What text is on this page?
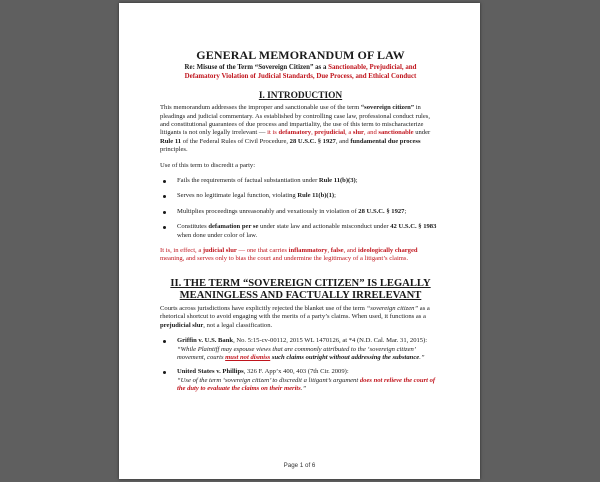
GENERAL MEMORANDUM OF LAW
Re: Misuse of the Term “Sovereign Citizen” as a Sanctionable, Prejudicial, and
Defamatory Violation of Judicial Standards, Due Process, and Ethical Conduct
I. INTRODUCTION

This memorandum addresses the improper and sanctionable use of the term “sovereign citizen” in pleadings and judicial commentary. As established by controlling case law, professional conduct rules, and constitutional guarantees of due process and impartiality, the use of this term to mischaracterize litigants is not only legally irrelevant — it is defamatory, prejudicial, a slur, and sanctionable under Rule 11 of the Federal Rules of Civil Procedure, 28 U.S.C. § 1927, and fundamental due process principles.

Use of this term to discredit a party:

Fails the requirements of factual substantiation under Rule 11(b)(3);
Serves no legitimate legal function, violating Rule 11(b)(1);
Multiplies proceedings unreasonably and vexatiously in violation of 28 U.S.C. § 1927;
Constitutes defamation per se under state law and actionable misconduct under 42 U.S.C. § 1983 when done under color of law.

It is, in effect, a judicial slur — one that carries inflammatory, false, and ideologically charged meaning, and serves only to bias the court and undermine the legitimacy of a litigant’s claims.

II. THE TERM “SOVEREIGN CITIZEN” IS LEGALLY
MEANINGLESS AND FACTUALLY IRRELEVANT

Courts across jurisdictions have explicitly rejected the blanket use of the term “sovereign citizen” as a rhetorical shortcut to avoid engaging with the merits of a party’s claims. When used, it functions as a prejudicial slur, not a legal classification.

Griffin v. U.S. Bank, No. 5:15-cv-00112, 2015 WL 1470126, at *4 (N.D. Cal. Mar. 31, 2015):
“While Plaintiff may espouse views that are commonly attributed to the ‘sovereign citizen’ movement, courts must not dismiss such claims outright without addressing the substance.”
United States v. Phillips, 326 F. App’x 400, 403 (7th Cir. 2009):
“Use of the term ‘sovereign citizen’ to discredit a litigant’s argument does not relieve the court of the duty to evaluate the claims on their merits.”
Page 1 of 6
